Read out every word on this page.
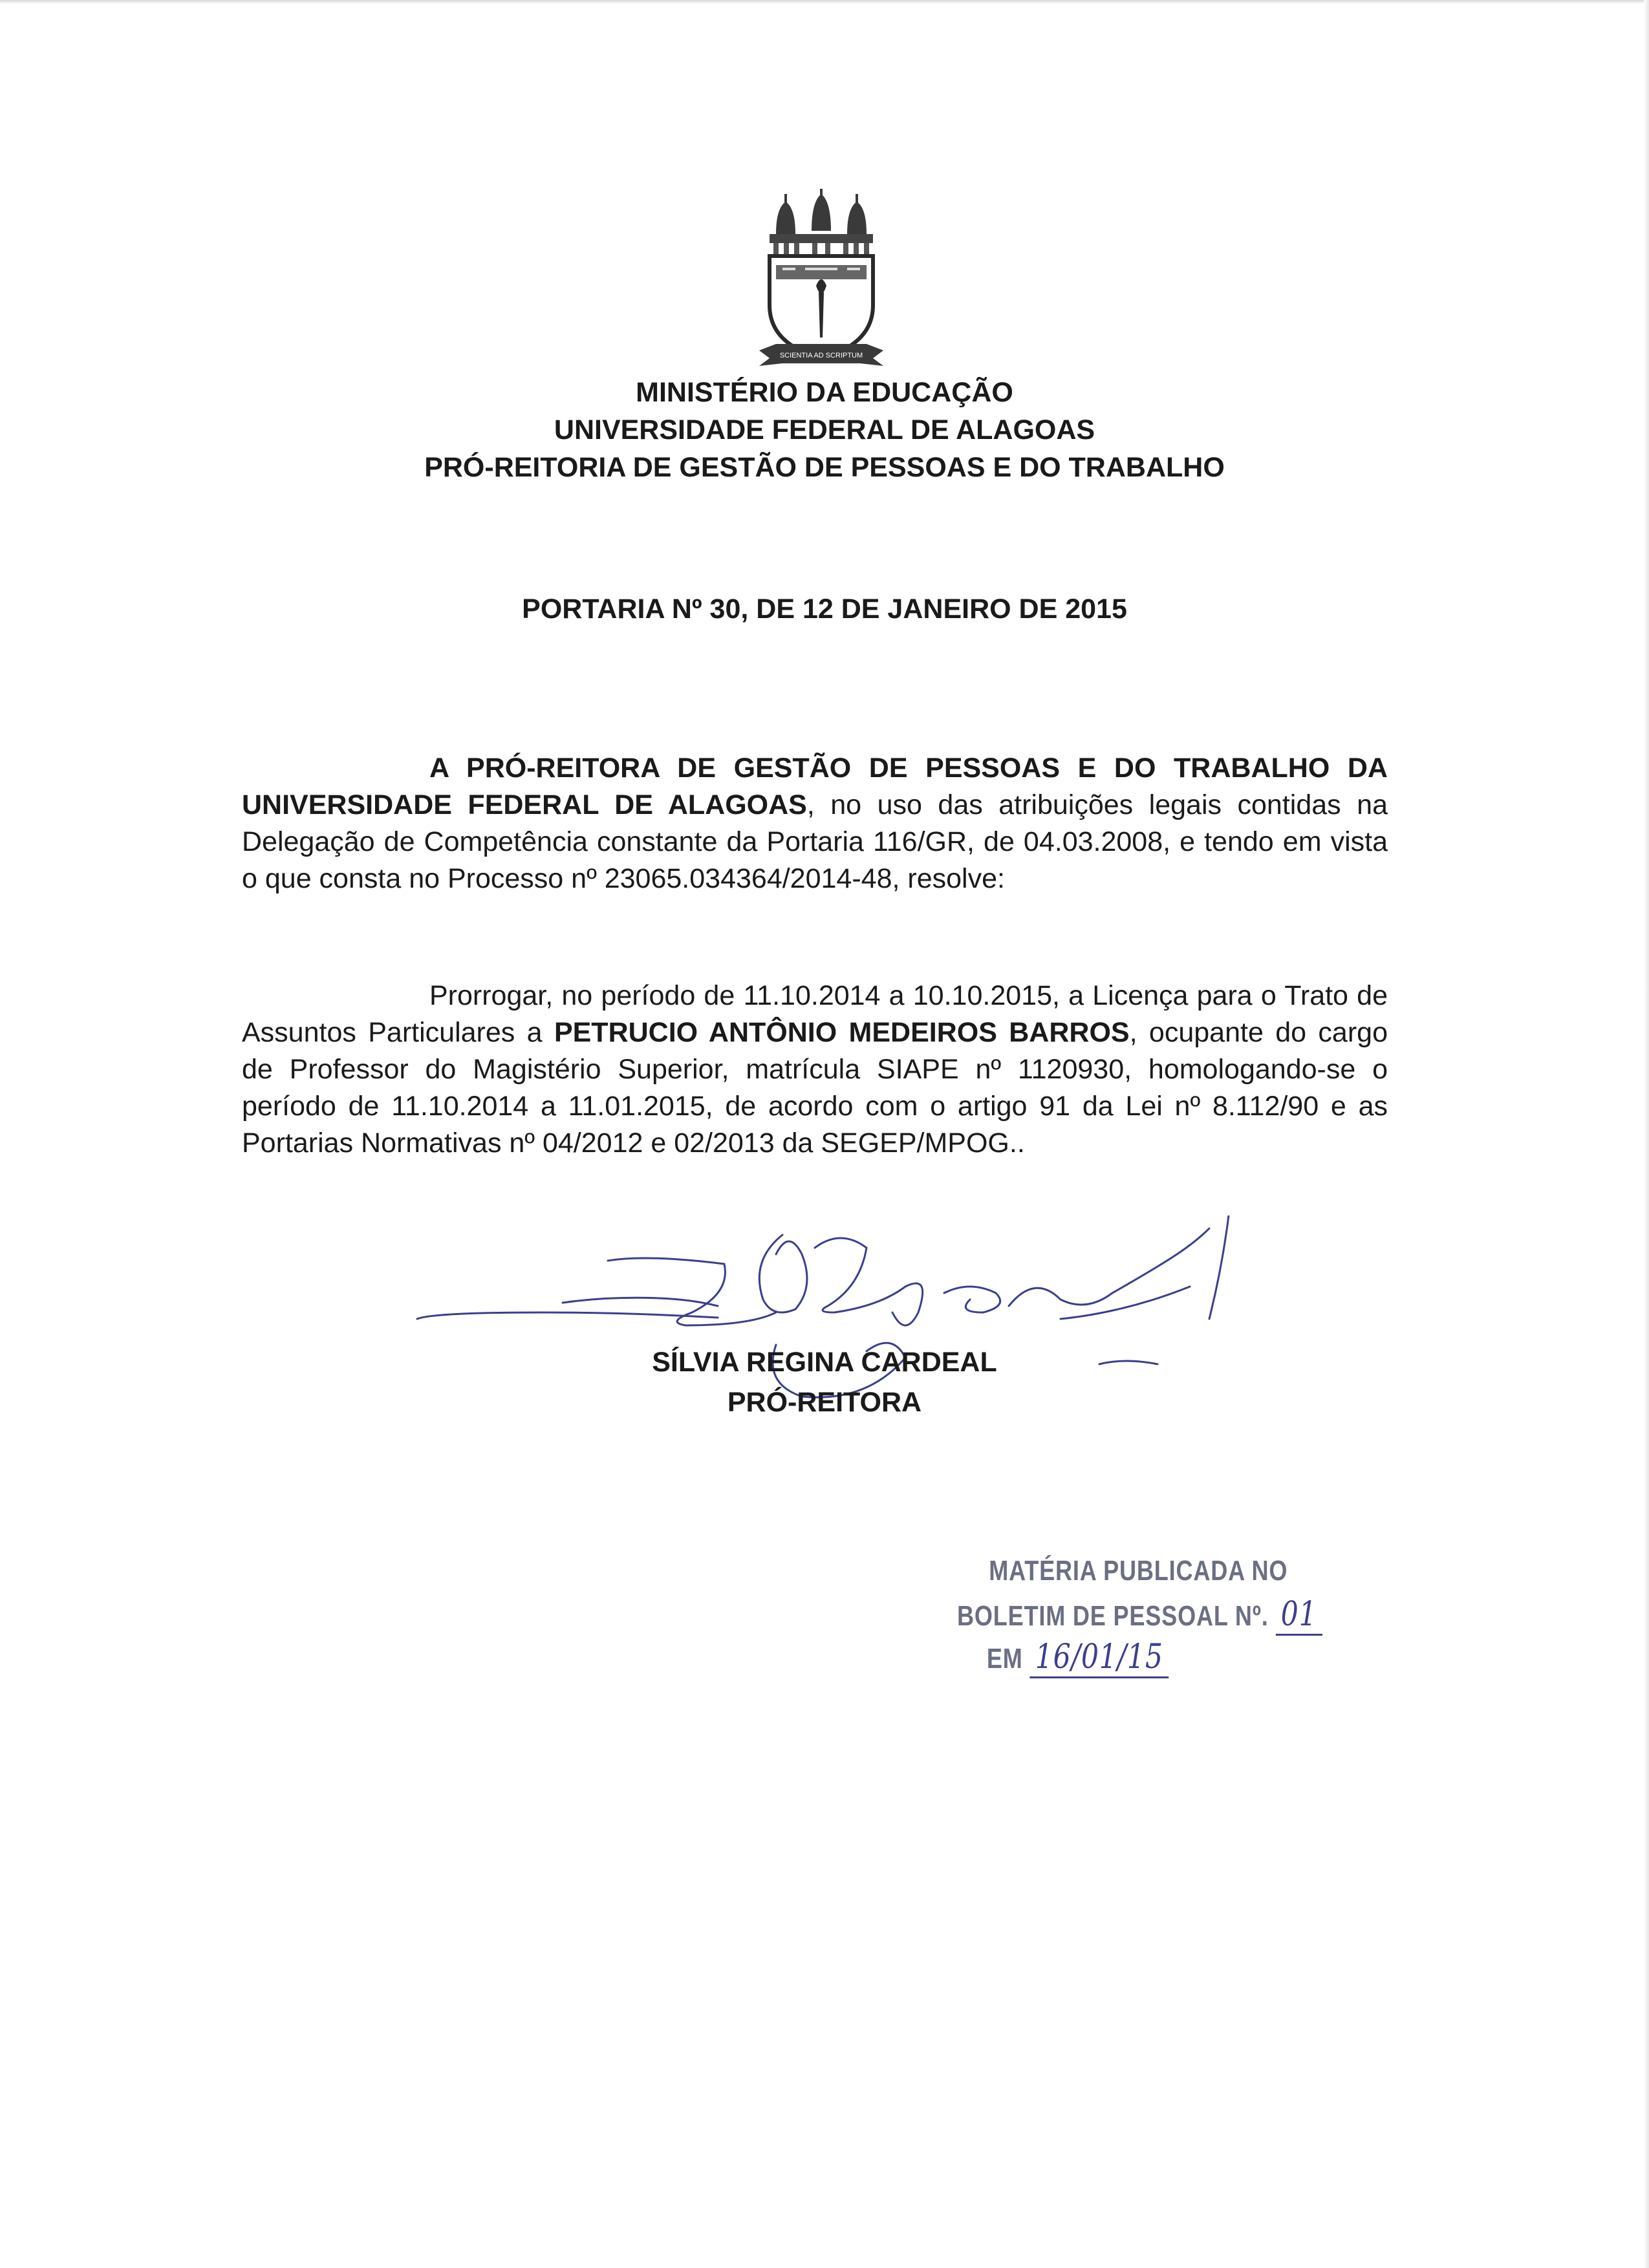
SCIENTIA AD SCRIPTUM
MINISTÉRIO DA EDUCAÇÃO
UNIVERSIDADE FEDERAL DE ALAGOAS
PRÓ-REITORIA DE GESTÃO DE PESSOAS E DO TRABALHO
PORTARIA Nº 30, DE 12 DE JANEIRO DE 2015
A PRÓ-REITORA DE GESTÃO DE PESSOAS E DO TRABALHO DA UNIVERSIDADE FEDERAL DE ALAGOAS, no uso das atribuições legais contidas na Delegação de Competência constante da Portaria 116/GR, de 04.03.2008, e tendo em vista o que consta no Processo nº 23065.034364/2014-48, resolve:
Prorrogar, no período de 11.10.2014 a 10.10.2015, a Licença para o Trato de Assuntos Particulares a PETRUCIO ANTÔNIO MEDEIROS BARROS, ocupante do cargo de Professor do Magistério Superior, matrícula SIAPE nº 1120930, homologando-se o período de 11.10.2014 a 11.01.2015, de acordo com o artigo 91 da Lei nº 8.112/90 e as Portarias Normativas nº 04/2012 e 02/2013 da SEGEP/MPOG..
SÍLVIA REGINA CARDEAL
PRÓ-REITORA
MATÉRIA PUBLICADA NO
BOLETIM DE PESSOAL Nº. 01
EM 16/01/15
